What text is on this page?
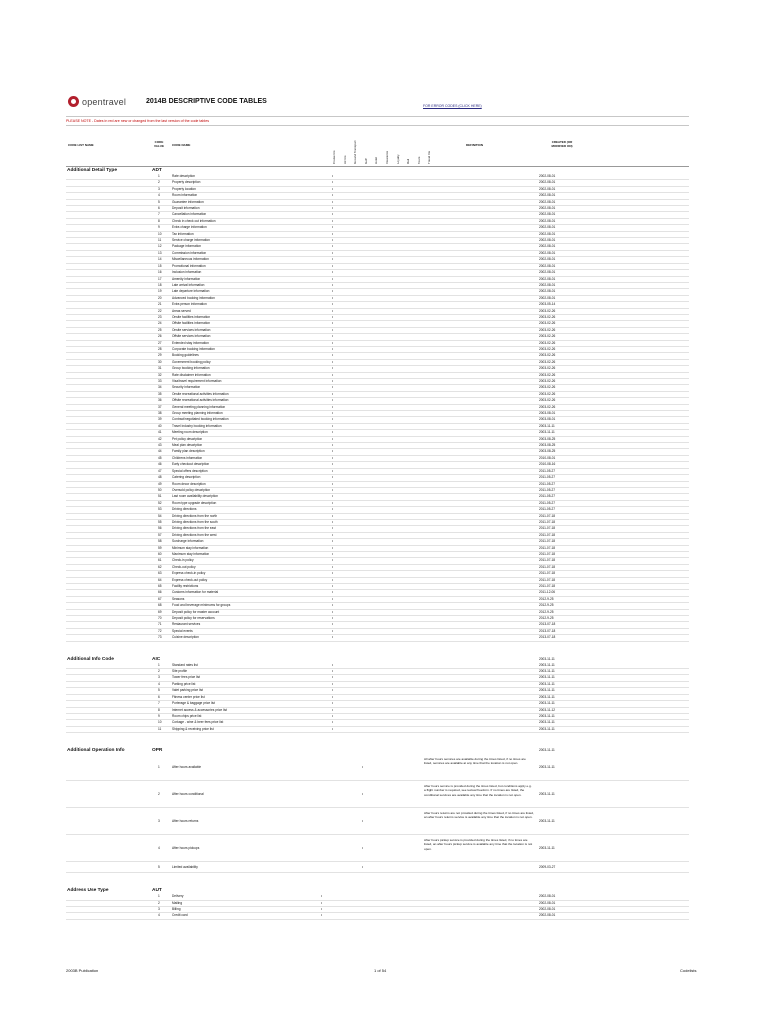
opentravel	2014B DESCRIPTIVE CODE TABLES
FOR ERROR CODES (CLICK HERE)
PLEASE NOTE - Dates in red are new or changed from the last version of the code tables
CODE LIST NAME
CODE VALUE	CODE NAME	DEFINITION
CREATED (OR MODIFIED ON)
Cruise Ins	Air Ins	Ground Transport	Golf	Hotel	Insurance	Loyalty	Rail	Tours	Travel Ins
Additional Detail Type	ADT
1	Rate description	•	2002-08-01
2	Property description	•	2002-08-01
3	Property location	•	2002-08-01
4	Room information	•	2002-08-01
5	Guarantee information	•	2002-08-01
6	Deposit information	•	2002-08-01
7	Cancellation information	•	2002-08-01
8	Check in check out information	•	2002-08-01
9	Extra charge information	•	2002-08-01
10	Tax information	•	2002-08-01
11	Service charge information	•	2002-08-01
12	Package information	•	2002-08-01
13	Commission information	•	2002-08-01
14	Miscellaneous information	•	2002-08-01
15	Promotional information	•	2002-08-01
16	Inclusion information	•	2002-08-01
17	Amenity information	•	2002-08-01
18	Late arrival information	•	2002-08-01
19	Late departure information	•	2002-08-01
20	Advanced booking information	•	2002-08-01
21	Extra person information	•	2003-05-14
22	Areas served	•	2003-02-26
23	Onsite facilities information	•	2003-02-26
24	Offsite facilities information	•	2003-02-26
25	Onsite services information	•	2003-02-26
26	Offsite services information	•	2003-02-26
27	Extended stay information	•	2003-02-26
28	Corporate booking information	•	2003-02-26
29	Booking guidelines	•	2003-02-26
30	Government booking policy	•	2003-02-26
31	Group booking information	•	2003-02-26
32	Rate disclaimer information	•	2003-02-26
33	Visa/travel requirement information	•	2003-02-26
34	Security information	•	2003-02-26
35	Onsite recreational activities information	•	2003-02-26
36	Offsite recreational activities information	•	2003-02-26
37	General meeting planning information	•	2003-02-26
38	Group meeting planning information	•	2003-08-01
39	Contract/negotiated booking information	•	2003-08-01
40	Travel industry booking information	•	2003-11-11
41	Meeting room description	•	2003-11-11
42	Pet policy description	•	2003-08-25
43	Meal plan description	•	2003-08-25
44	Family plan description	•	2003-08-25
45	Childrens information	•	2010-08-01
46	Early checkout description	•	2010-08-16
47	Special offers description	•	2011-05-27
48	Catering description	•	2011-05-27
49	Room decor description	•	2011-05-27
50	Oversold policy description	•	2011-05-27
51	Last room availability description	•	2011-05-27
52	Room type upgrade description	•	2011-05-27
53	Driving directions	•	2011-05-27
54	Driving directions from the north	•	2011-07-18
55	Driving directions from the south	•	2011-07-18
56	Driving directions from the east	•	2011-07-18
57	Driving directions from the west	•	2011-07-18
58	Surcharge information	•	2011-07-18
59	Minimum stay information	•	2011-07-18
60	Maximum stay information	•	2011-07-18
61	Check-in policy	•	2011-07-18
62	Check-out policy	•	2011-07-18
63	Express check-in policy	•	2011-07-18
64	Express check-out policy	•	2011-07-18
65	Facility restrictions	•	2011-07-18
66	Customs information for material	•	2011-12-06
67	Seasons	•	2012-9-25
68	Food and beverage minimums for groups	•	2012-9-25
69	Deposit policy for master account	•	2012-9-25
70	Deposit policy for reservations	•	2012-9-25
71	Restaurant services	•	2013-07-18
72	Special events	•	2013-07-18
73	Cuisine description	•	2013-07-18
Additional Info Code	AIC	2003-11-11
1	Standard rates list	•	2003-11-11
2	Site profile	•	2003-11-11
3	Tower fees price list	•	2003-11-11
4	Parking price list	•	2003-11-11
5	Valet parking price list	•	2003-11-11
6	Fitness center price list	•	2003-11-11
7	Porterage & baggage price list	•	2003-11-11
8	Internet access & accessories price list	•	2003-11-12
9	Room chips price list	•	2003-11-11
10	Corkage - wine & beer fees price list	•	2003-11-11
11	Shipping & receiving price list	•	2003-11-11
Additional Operation Info	OPR	2003-11-11
1	After hours available	•	2003-11-11
All after hours services are available during the times listed, if no times are listed, services are available at any time that the location is not open.
2	After hours conditional	•	2003-11-11
After hours service is provided during the times listed, but conditions apply e.g. a flight number is required, see textual freeform. If no times are listed, the conditional services are available any time that the location is not open.
3	After hours returns	•	2003-11-11
After hours returns are not provided during the times listed, if no times are listed, an after hours returns service is available any time that the location is not open.
4	After hours pickups	•	2003-11-11
After hours pickup service is provided during the times listed, if no times are listed, an after hours pickup service is available any time that the location is not open.
5	Limited availability	•	2009-03-27
Address Use Type	AUT
1	Delivery	•	2002-08-01
2	Mailing	•	2002-08-01
3	Billing	•	2002-08-01
4	Credit card	•	2002-08-01
2003B Publication	1 of 54	Codelists
